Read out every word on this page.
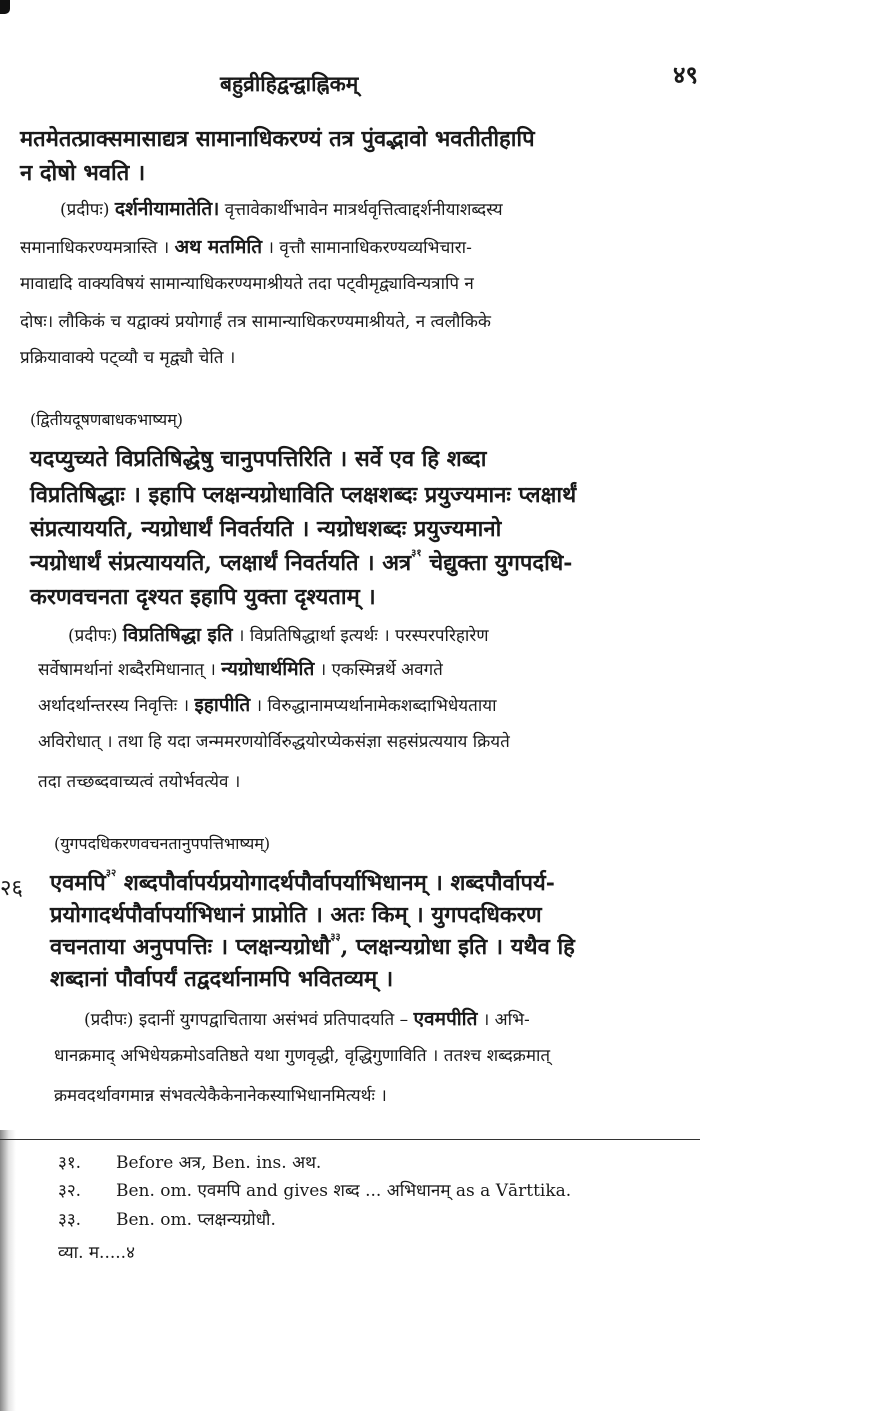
बहुव्रीहिद्वन्द्वाह्निकम्	४९
मतमेतत्प्राक्समासाद्यत्र सामानाधिकरण्यं तत्र पुंवद्भावो भवतीतीहापि
न दोषो भवति ।
(प्रदीपः) दर्शनीयामातेति। वृत्तावेकार्थीभावेन मात्रर्थवृत्तित्वाद्दर्शनीयाशब्दस्य
समानाधिकरण्यमत्रास्ति । अथ मतमिति । वृत्तौ सामानाधिकरण्यव्यभिचारा-
मावाद्यदि वाक्यविषयं सामान्याधिकरण्यमाश्रीयते तदा पट्वीमृद्व्याविन्यत्रापि न
दोषः। लौकिकं च यद्वाक्यं प्रयोगार्हं तत्र सामान्याधिकरण्यमाश्रीयते, न त्वलौकिके
प्रक्रियावाक्ये पट्व्यौ च मृद्व्यौ चेति ।
(द्वितीयदूषणबाधकभाष्यम्)
यदप्युच्यते विप्रतिषिद्धेषु चानुपपत्तिरिति । सर्वे एव हि शब्दा
विप्रतिषिद्धाः । इहापि प्लक्षन्यग्रोधाविति प्लक्षशब्दः प्रयुज्यमानः प्लक्षार्थं
संप्रत्याययति, न्यग्रोधार्थं निवर्तयति । न्यग्रोधशब्दः प्रयुज्यमानो
न्यग्रोधार्थं संप्रत्याययति, प्लक्षार्थं निवर्तयति । अत्र$^{३१}$ चेद्युक्ता युगपदधि-
करणवचनता दृश्यत इहापि युक्ता दृश्यताम् ।
(प्रदीपः) विप्रतिषिद्धा इति । विप्रतिषिद्धार्था इत्यर्थः । परस्परपरिहारेण
सर्वेषामर्थानां शब्दैरमिधानात् । न्यग्रोधार्थमिति । एकस्मिन्नर्थे अवगते
अर्थादर्थान्तरस्य निवृत्तिः । इहापीति । विरुद्धानामप्यर्थानामेकशब्दाभिधेयताया
अविरोधात् । तथा हि यदा जन्ममरणयोर्विरुद्धयोरप्येकसंज्ञा सहसंप्रत्ययाय क्रियते
तदा तच्छब्दवाच्यत्वं तयोर्भवत्येव ।
(युगपदधिकरणवचनतानुपपत्तिभाष्यम्)
२६ एवमपि$^{३२}$ शब्दपौर्वापर्यप्रयोगादर्थपौर्वापर्याभिधानम् । शब्दपौर्वापर्य-
प्रयोगादर्थपौर्वापर्याभिधानं प्राप्नोति । अतः किम् । युगपदधिकरण
वचनताया अनुपपत्तिः । प्लक्षन्यग्रोधौ$^{३३}$, प्लक्षन्यग्रोधा इति । यथैव हि
शब्दानां पौर्वापर्यं तद्वदर्थानामपि भवितव्यम् ।
(प्रदीपः) इदानीं युगपद्वाचिताया असंभवं प्रतिपादयति – एवमपीति । अभि-
धानक्रमाद् अभिधेयक्रमोऽवतिष्ठते यथा गुणवृद्धी, वृद्धिगुणाविति । ततश्च शब्दक्रमात्
क्रमवदर्थावगमान्न संभवत्येकैकेनानेकस्याभिधानमित्यर्थः ।
३१. Before अत्र, Ben. ins. अथ.
३२. Ben. om. एवमपि and gives शब्द ... अभिधानम् as a Vārttika.
३३. Ben. om. प्लक्षन्यग्रोधौ.
व्या. म.....४
